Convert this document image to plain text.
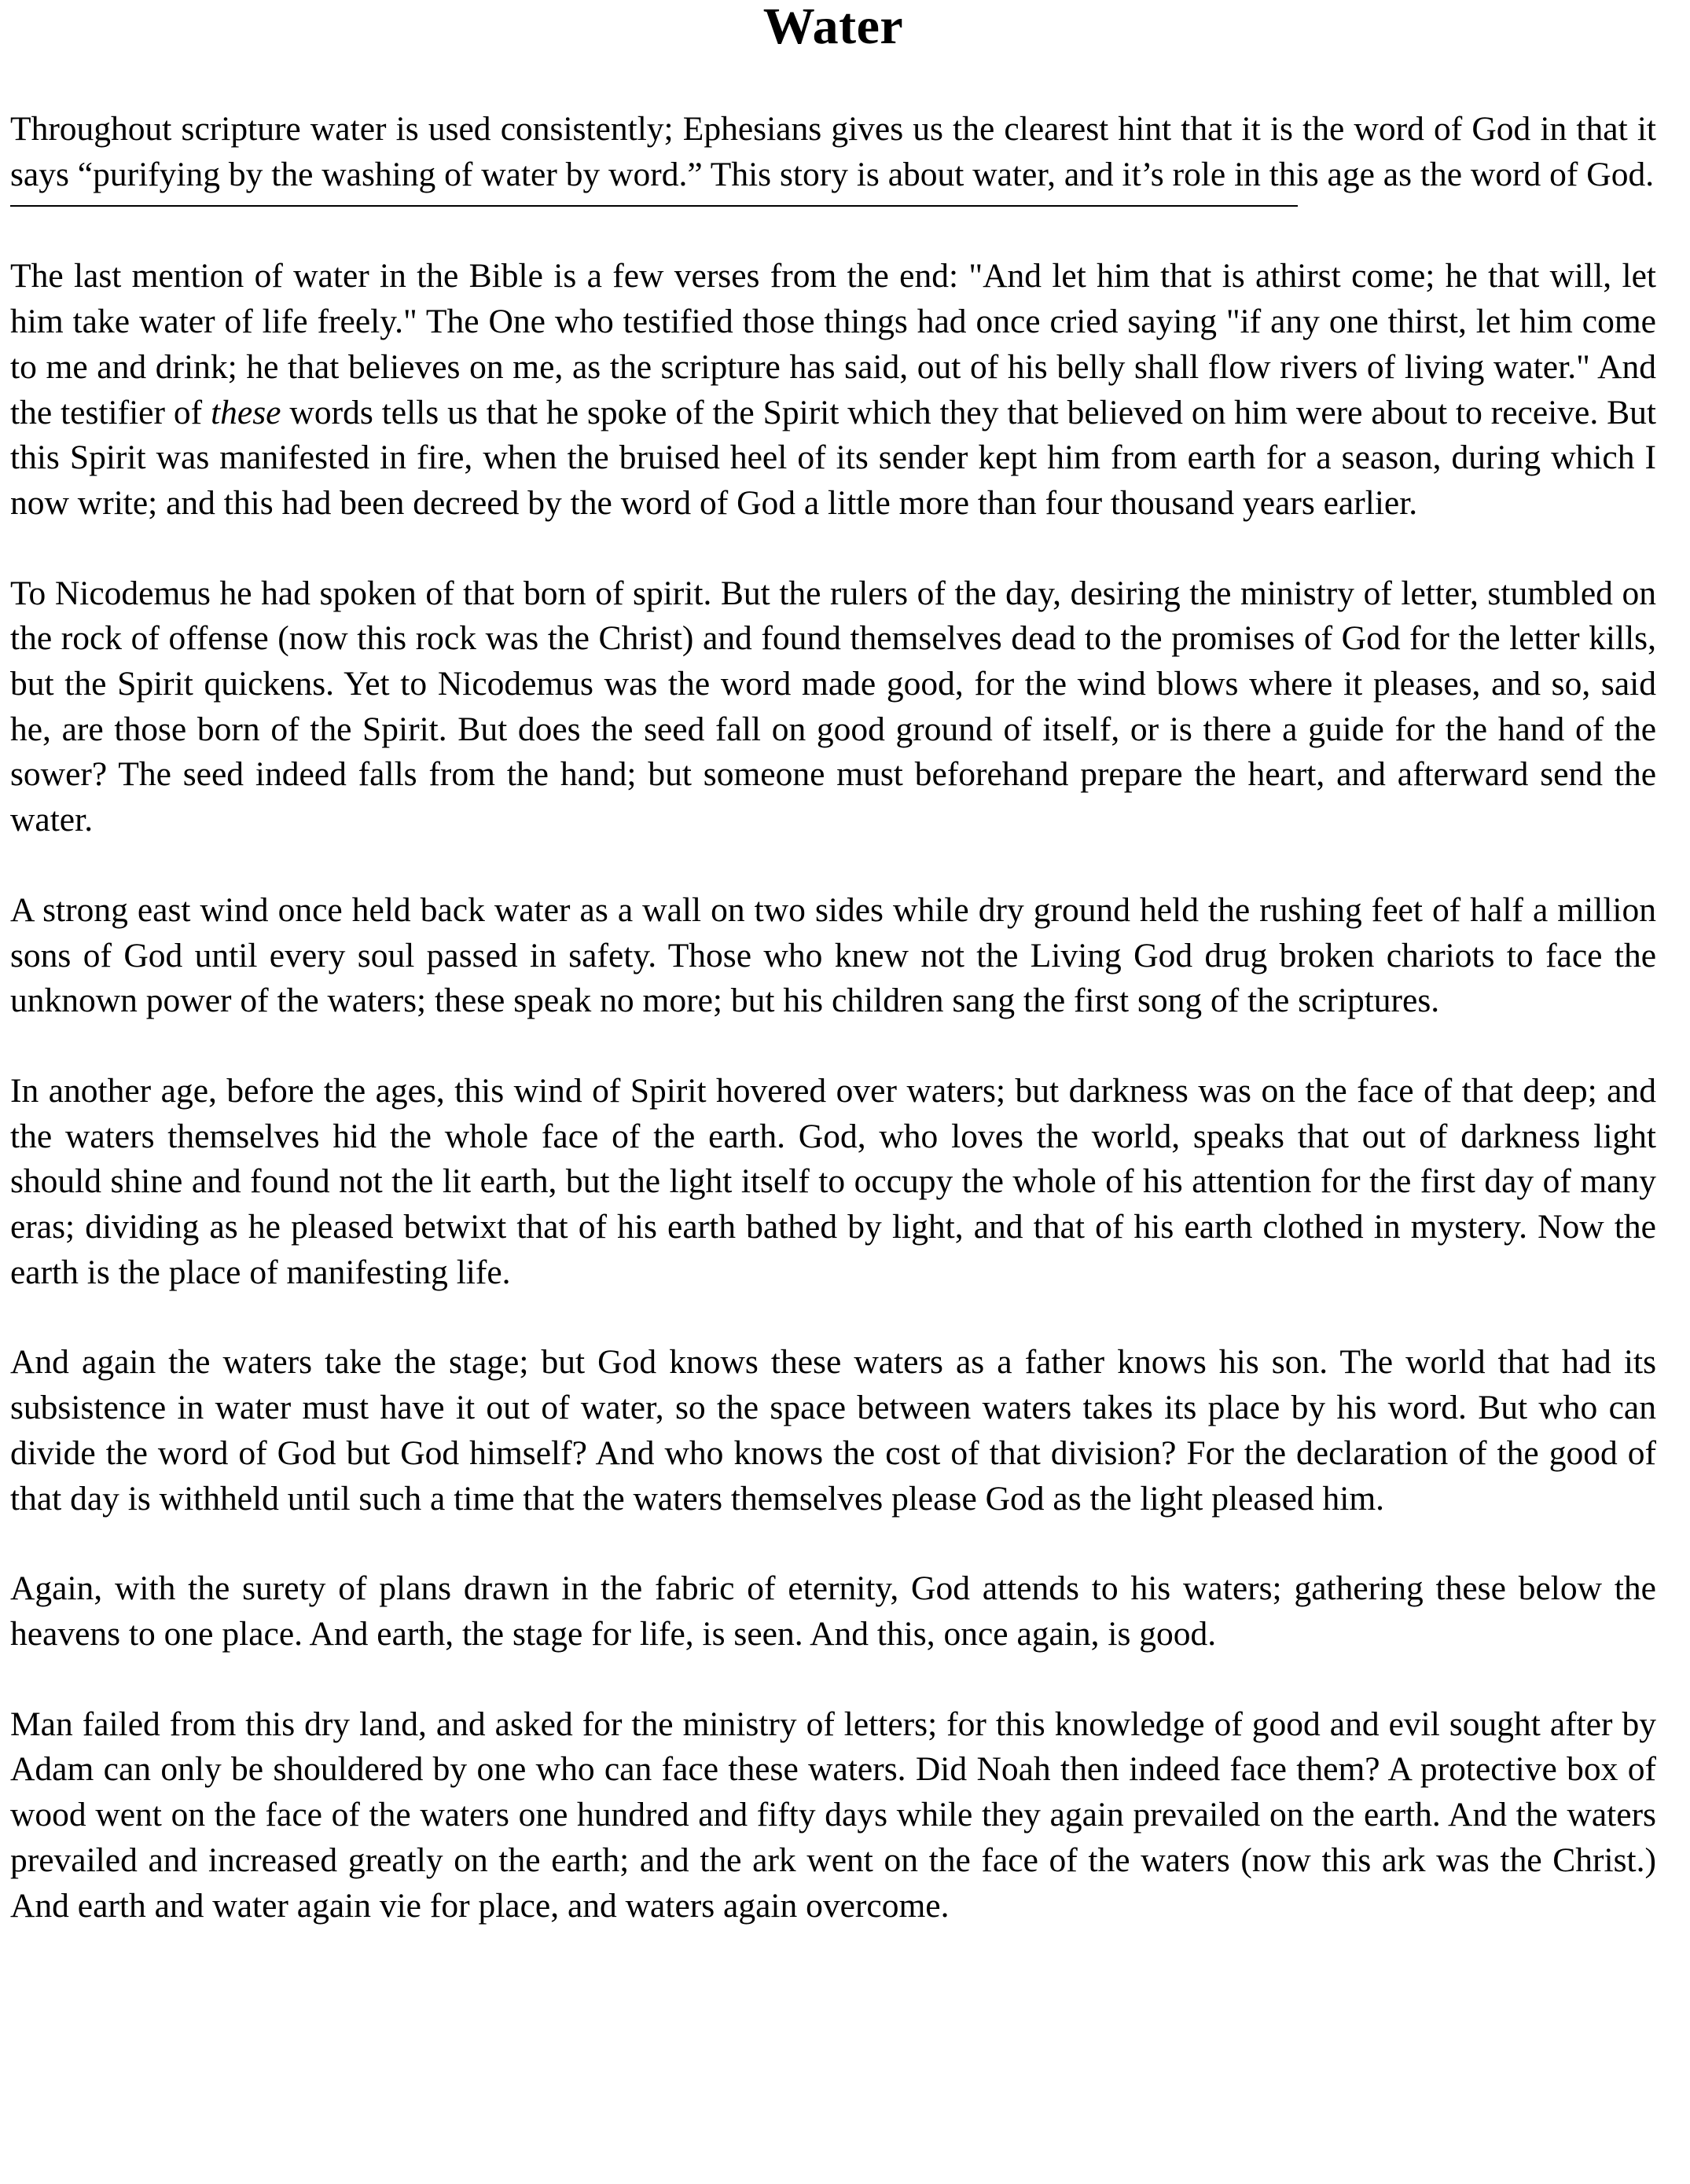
Water

Throughout scripture water is used consistently; Ephesians gives us the clearest hint that it is the word of God in that it says “purifying by the washing of water by word.” This story is about water, and it’s role in this age as the word of God.

The last mention of water in the Bible is a few verses from the end: "And let him that is athirst come; he that will, let him take water of life freely." The One who testified those things had once cried saying "if any one thirst, let him come to me and drink; he that believes on me, as the scripture has said, out of his belly shall flow rivers of living water." And the testifier of these words tells us that he spoke of the Spirit which they that believed on him were about to receive. But this Spirit was manifested in fire, when the bruised heel of its sender kept him from earth for a season, during which I now write; and this had been decreed by the word of God a little more than four thousand years earlier.

To Nicodemus he had spoken of that born of spirit. But the rulers of the day, desiring the ministry of letter, stumbled on the rock of offense (now this rock was the Christ) and found themselves dead to the promises of God for the letter kills, but the Spirit quickens. Yet to Nicodemus was the word made good, for the wind blows where it pleases, and so, said he, are those born of the Spirit. But does the seed fall on good ground of itself, or is there a guide for the hand of the sower? The seed indeed falls from the hand; but someone must beforehand prepare the heart, and afterward send the water.

A strong east wind once held back water as a wall on two sides while dry ground held the rushing feet of half a million sons of God until every soul passed in safety. Those who knew not the Living God drug broken chariots to face the unknown power of the waters; these speak no more; but his children sang the first song of the scriptures.

In another age, before the ages, this wind of Spirit hovered over waters; but darkness was on the face of that deep; and the waters themselves hid the whole face of the earth. God, who loves the world, speaks that out of darkness light should shine and found not the lit earth, but the light itself to occupy the whole of his attention for the first day of many eras; dividing as he pleased betwixt that of his earth bathed by light, and that of his earth clothed in mystery. Now the earth is the place of manifesting life.

And again the waters take the stage; but God knows these waters as a father knows his son. The world that had its subsistence in water must have it out of water, so the space between waters takes its place by his word. But who can divide the word of God but God himself? And who knows the cost of that division? For the declaration of the good of that day is withheld until such a time that the waters themselves please God as the light pleased him.

Again, with the surety of plans drawn in the fabric of eternity, God attends to his waters; gathering these below the heavens to one place. And earth, the stage for life, is seen. And this, once again, is good.

Man failed from this dry land, and asked for the ministry of letters; for this knowledge of good and evil sought after by Adam can only be shouldered by one who can face these waters. Did Noah then indeed face them? A protective box of wood went on the face of the waters one hundred and fifty days while they again prevailed on the earth. And the waters prevailed and increased greatly on the earth; and the ark went on the face of the waters (now this ark was the Christ.) And earth and water again vie for place, and waters again overcome.
